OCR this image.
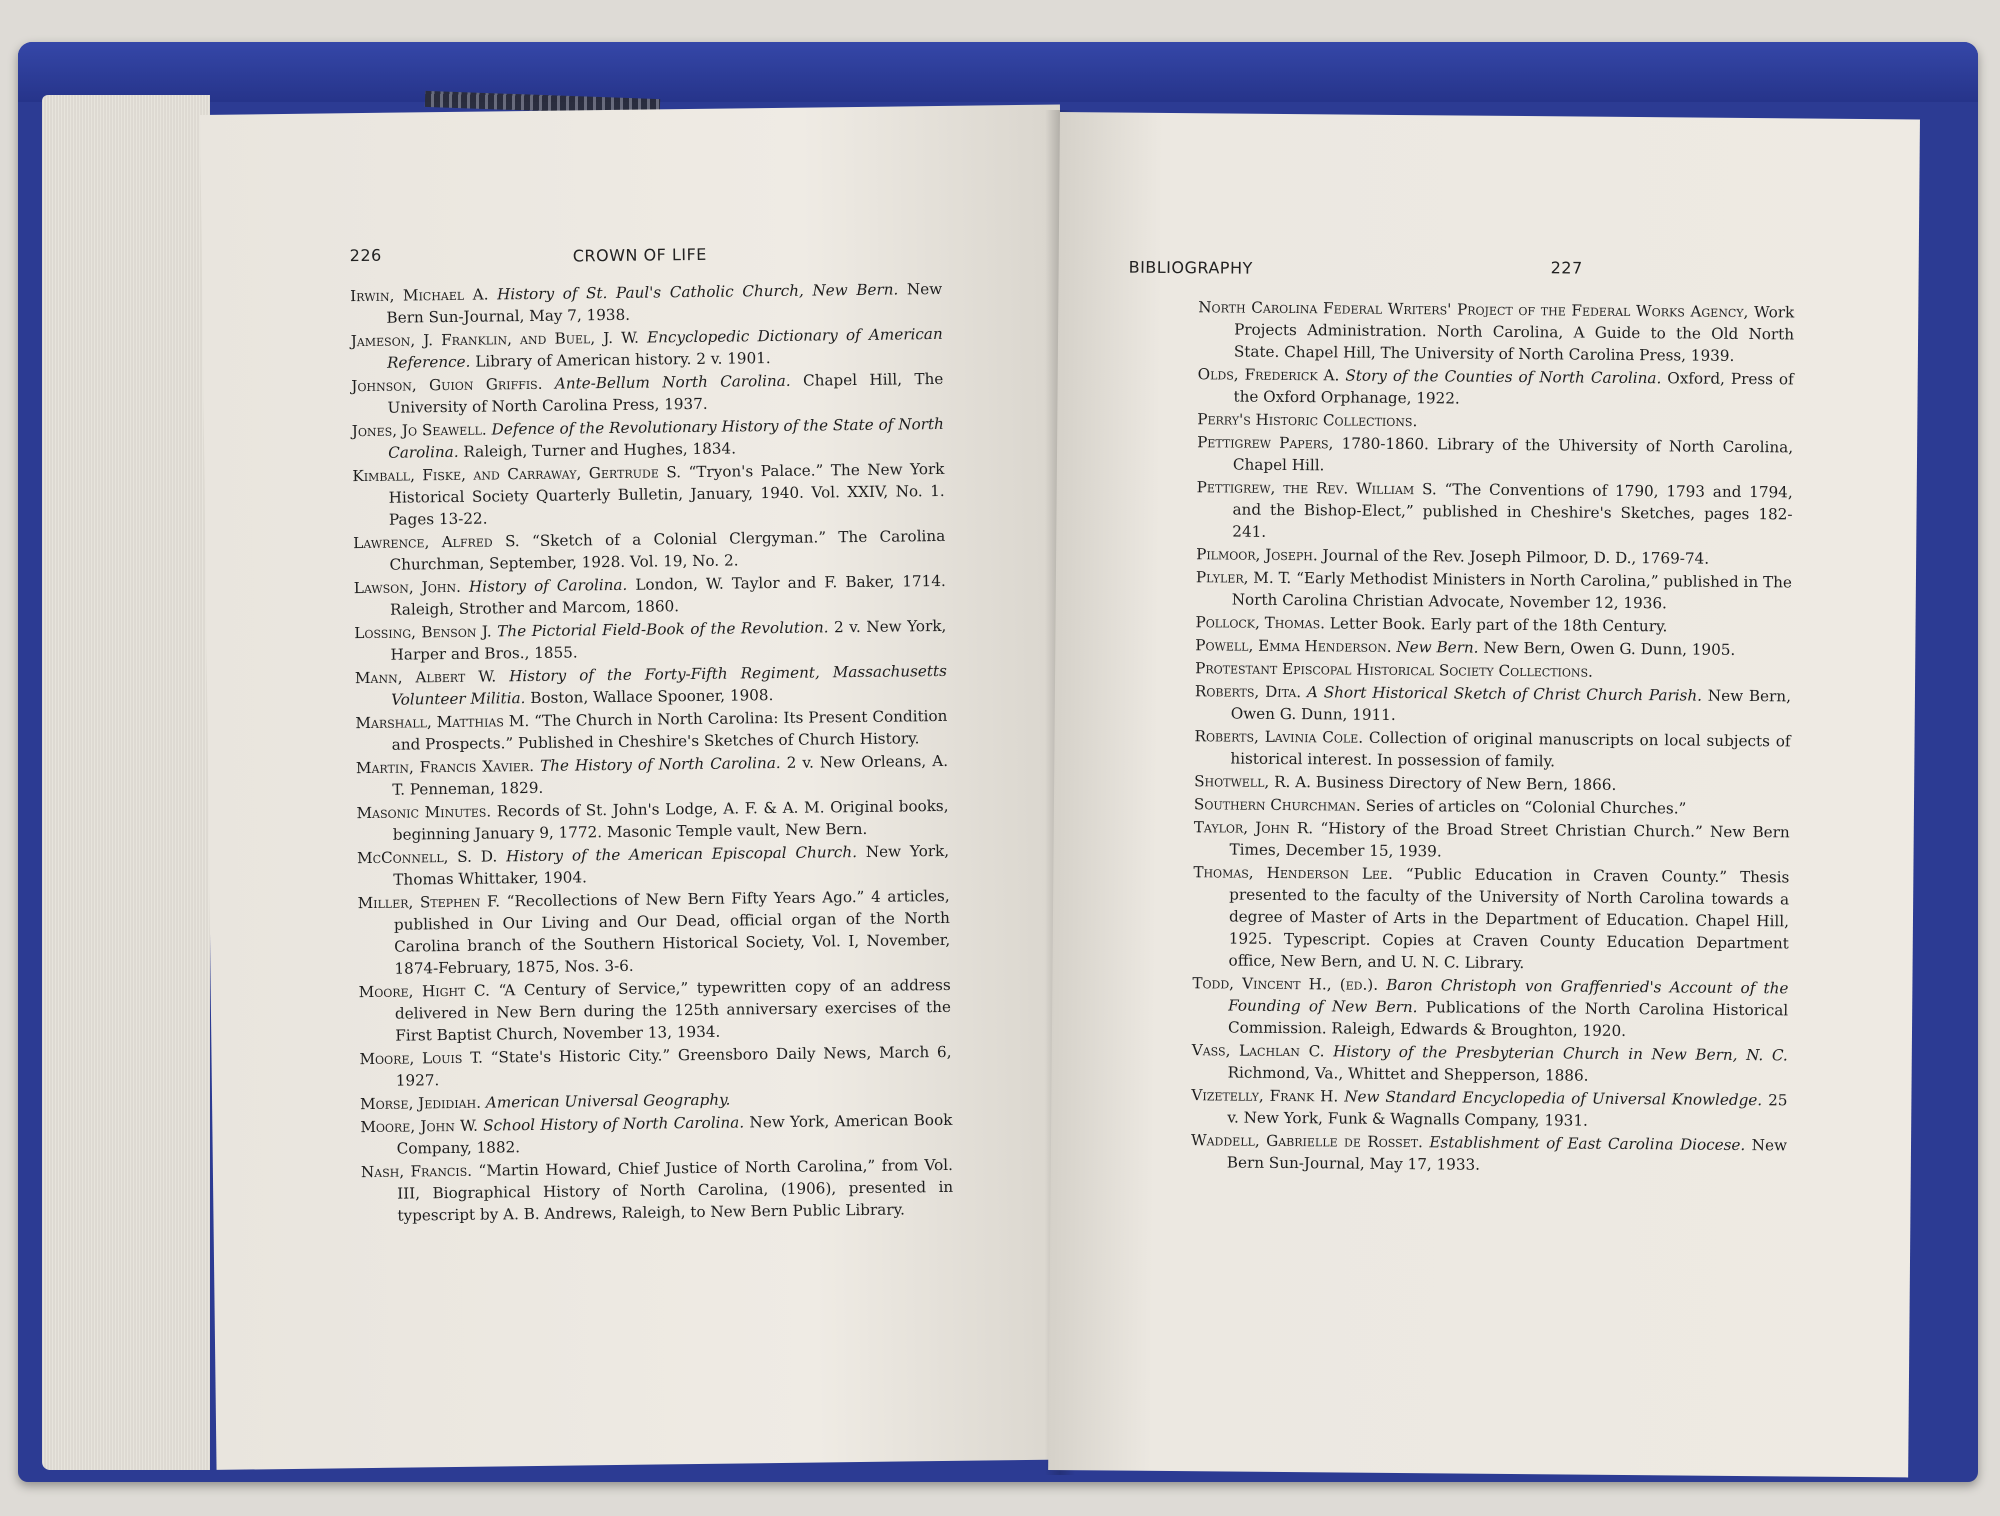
226	CROWN OF LIFE

Irwin, Michael A. History of St. Paul's Catholic Church, New Bern. New Bern Sun-Journal, May 7, 1938.

Jameson, J. Franklin, and Buel, J. W. Encyclopedic Dictionary of American Reference. Library of American history. 2 v. 1901.

Johnson, Guion Griffis. Ante-Bellum North Carolina. Chapel Hill, The University of North Carolina Press, 1937.

Jones, Jo Seawell. Defence of the Revolutionary History of the State of North Carolina. Raleigh, Turner and Hughes, 1834.

Kimball, Fiske, and Carraway, Gertrude S. “Tryon's Palace.” The New York Historical Society Quarterly Bulletin, January, 1940. Vol. XXIV, No. 1. Pages 13-22.

Lawrence, Alfred S. “Sketch of a Colonial Clergyman.” The Carolina Churchman, September, 1928. Vol. 19, No. 2.

Lawson, John. History of Carolina. London, W. Taylor and F. Baker, 1714. Raleigh, Strother and Marcom, 1860.

Lossing, Benson J. The Pictorial Field-Book of the Revolution. 2 v. New York, Harper and Bros., 1855.

Mann, Albert W. History of the Forty-Fifth Regiment, Massachusetts Volunteer Militia. Boston, Wallace Spooner, 1908.

Marshall, Matthias M. “The Church in North Carolina: Its Present Condition and Prospects.” Published in Cheshire's Sketches of Church History.

Martin, Francis Xavier. The History of North Carolina. 2 v. New Orleans, A. T. Penneman, 1829.

Masonic Minutes. Records of St. John's Lodge, A. F. & A. M. Original books, beginning January 9, 1772. Masonic Temple vault, New Bern.

McConnell, S. D. History of the American Episcopal Church. New York, Thomas Whittaker, 1904.

Miller, Stephen F. “Recollections of New Bern Fifty Years Ago.” 4 articles, published in Our Living and Our Dead, official organ of the North Carolina branch of the Southern Historical Society, Vol. I, November, 1874-February, 1875, Nos. 3-6.

Moore, Hight C. “A Century of Service,” typewritten copy of an address delivered in New Bern during the 125th anniversary exercises of the First Baptist Church, November 13, 1934.

Moore, Louis T. “State's Historic City.” Greensboro Daily News, March 6, 1927.

Morse, Jedidiah. American Universal Geography.

Moore, John W. School History of North Carolina. New York, American Book Company, 1882.

Nash, Francis. “Martin Howard, Chief Justice of North Carolina,” from Vol. III, Biographical History of North Carolina, (1906), presented in typescript by A. B. Andrews, Raleigh, to New Bern Public Library.

BIBLIOGRAPHY	227

North Carolina Federal Writers' Project of the Federal Works Agency, Work Projects Administration. North Carolina, A Guide to the Old North State. Chapel Hill, The University of North Carolina Press, 1939.

Olds, Frederick A. Story of the Counties of North Carolina. Oxford, Press of the Oxford Orphanage, 1922.

Perry's Historic Collections.

Pettigrew Papers, 1780-1860. Library of the Uhiversity of North Carolina, Chapel Hill.

Pettigrew, the Rev. William S. “The Conventions of 1790, 1793 and 1794, and the Bishop-Elect,” published in Cheshire's Sketches, pages 182-241.

Pilmoor, Joseph. Journal of the Rev. Joseph Pilmoor, D. D., 1769-74.

Plyler, M. T. “Early Methodist Ministers in North Carolina,” published in The North Carolina Christian Advocate, November 12, 1936.

Pollock, Thomas. Letter Book. Early part of the 18th Century.

Powell, Emma Henderson. New Bern. New Bern, Owen G. Dunn, 1905.

Protestant Episcopal Historical Society Collections.

Roberts, Dita. A Short Historical Sketch of Christ Church Parish. New Bern, Owen G. Dunn, 1911.

Roberts, Lavinia Cole. Collection of original manuscripts on local subjects of historical interest. In possession of family.

Shotwell, R. A. Business Directory of New Bern, 1866.

Southern Churchman. Series of articles on “Colonial Churches.”

Taylor, John R. “History of the Broad Street Christian Church.” New Bern Times, December 15, 1939.

Thomas, Henderson Lee. “Public Education in Craven County.” Thesis presented to the faculty of the University of North Carolina towards a degree of Master of Arts in the Department of Education. Chapel Hill, 1925. Typescript. Copies at Craven County Education Department office, New Bern, and U. N. C. Library.

Todd, Vincent H., (ed.). Baron Christoph von Graffenried's Account of the Founding of New Bern. Publications of the North Carolina Historical Commission. Raleigh, Edwards & Broughton, 1920.

Vass, Lachlan C. History of the Presbyterian Church in New Bern, N. C. Richmond, Va., Whittet and Shepperson, 1886.

Vizetelly, Frank H. New Standard Encyclopedia of Universal Knowledge. 25 v. New York, Funk & Wagnalls Company, 1931.

Waddell, Gabrielle de Rosset. Establishment of East Carolina Diocese. New Bern Sun-Journal, May 17, 1933.
